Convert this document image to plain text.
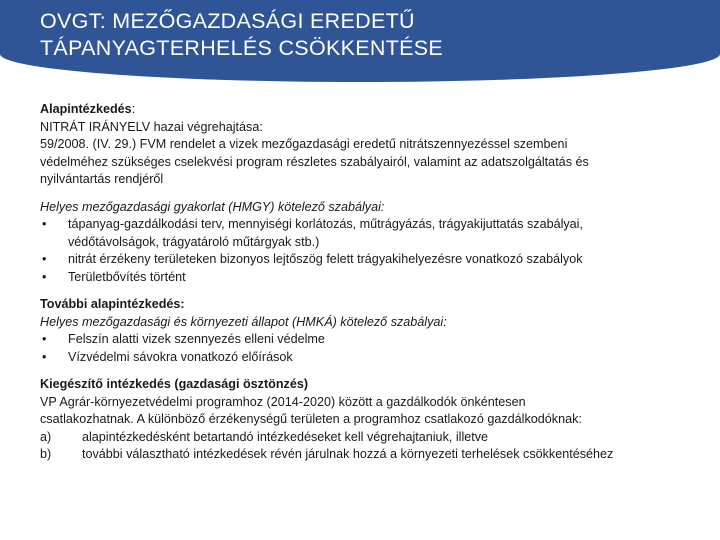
OVGT: MEZŐGAZDASÁGI EREDETŰ
TÁPANYAGTERHELÉS CSÖKKENTÉSE
Alapintézkedés:
NITRÁT IRÁNYELV hazai végrehajtása:
59/2008. (IV. 29.) FVM rendelet a vizek mezőgazdasági eredetű nitrátszennyezéssel szembeni
védelméhez szükséges cselekvési program részletes szabályairól, valamint az adatszolgáltatás és
nyilvántartás rendjéről
Helyes mezőgazdasági gyakorlat (HMGY) kötelező szabályai:
•	tápanyag-gazdálkodási terv, mennyiségi korlátozás, műtrágyázás, trágyakijuttatás szabályai,
védőtávolságok, trágyatároló műtárgyak stb.)
•	nitrát érzékeny területeken bizonyos lejtőszög felett trágyakihelyezésre vonatkozó szabályok
•	Területbővítés történt
További alapintézkedés:
Helyes mezőgazdasági és környezeti állapot (HMKÁ) kötelező szabályai:
•	Felszín alatti vizek szennyezés elleni védelme
•	Vízvédelmi sávokra vonatkozó előírások
Kiegészítő intézkedés (gazdasági ösztönzés)
VP Agrár-környezetvédelmi programhoz (2014-2020) között a gazdálkodók önkéntesen
csatlakozhatnak. A különböző érzékenységű területen a programhoz csatlakozó gazdálkodóknak:
a)	alapintézkedésként betartandó intézkedéseket kell végrehajtaniuk, illetve
b)	további választható intézkedések révén járulnak hozzá a környezeti terhelések csökkentéséhez
